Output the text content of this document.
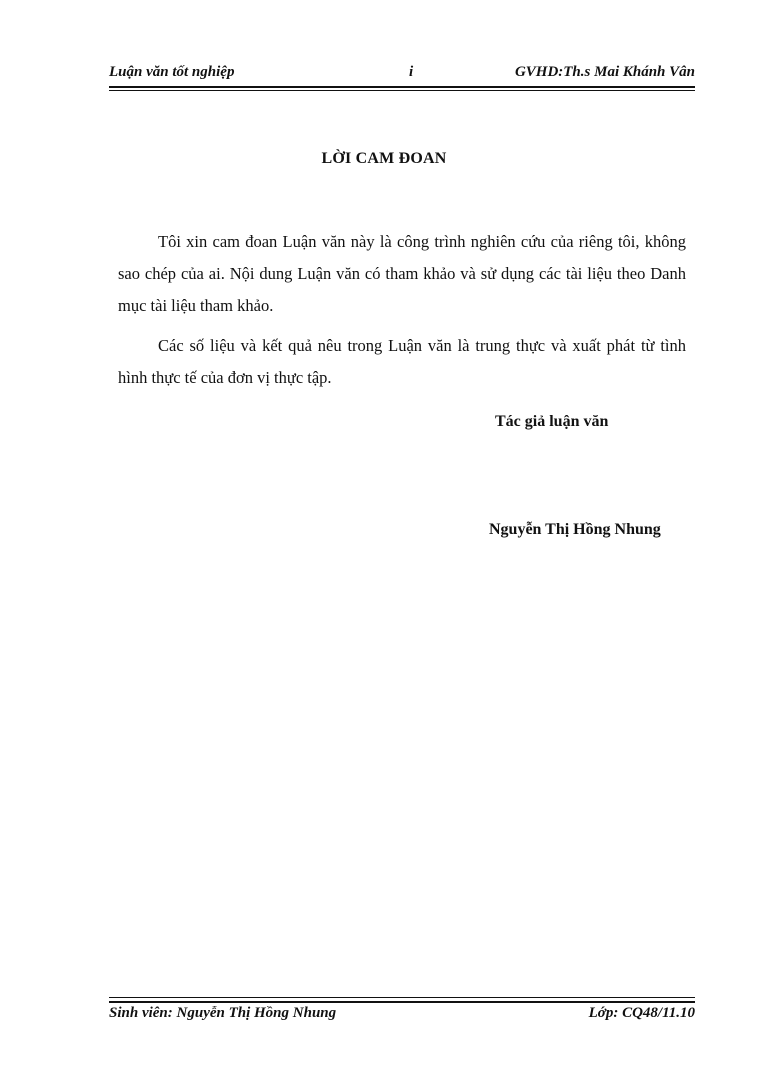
Luận văn tốt nghiệp	i	GVHD:Th.s Mai Khánh Vân
LỜI CAM ĐOAN
Tôi xin cam đoan Luận văn này là công trình nghiên cứu của riêng tôi, không sao chép của ai. Nội dung Luận văn có tham khảo và sử dụng các tài liệu theo Danh mục tài liệu tham khảo.
Các số liệu và kết quả nêu trong Luận văn là trung thực và xuất phát từ tình hình thực tế của đơn vị thực tập.
Tác giả luận văn
Nguyễn Thị Hồng Nhung
Sinh viên: Nguyễn Thị Hồng Nhung	Lớp: CQ48/11.10
